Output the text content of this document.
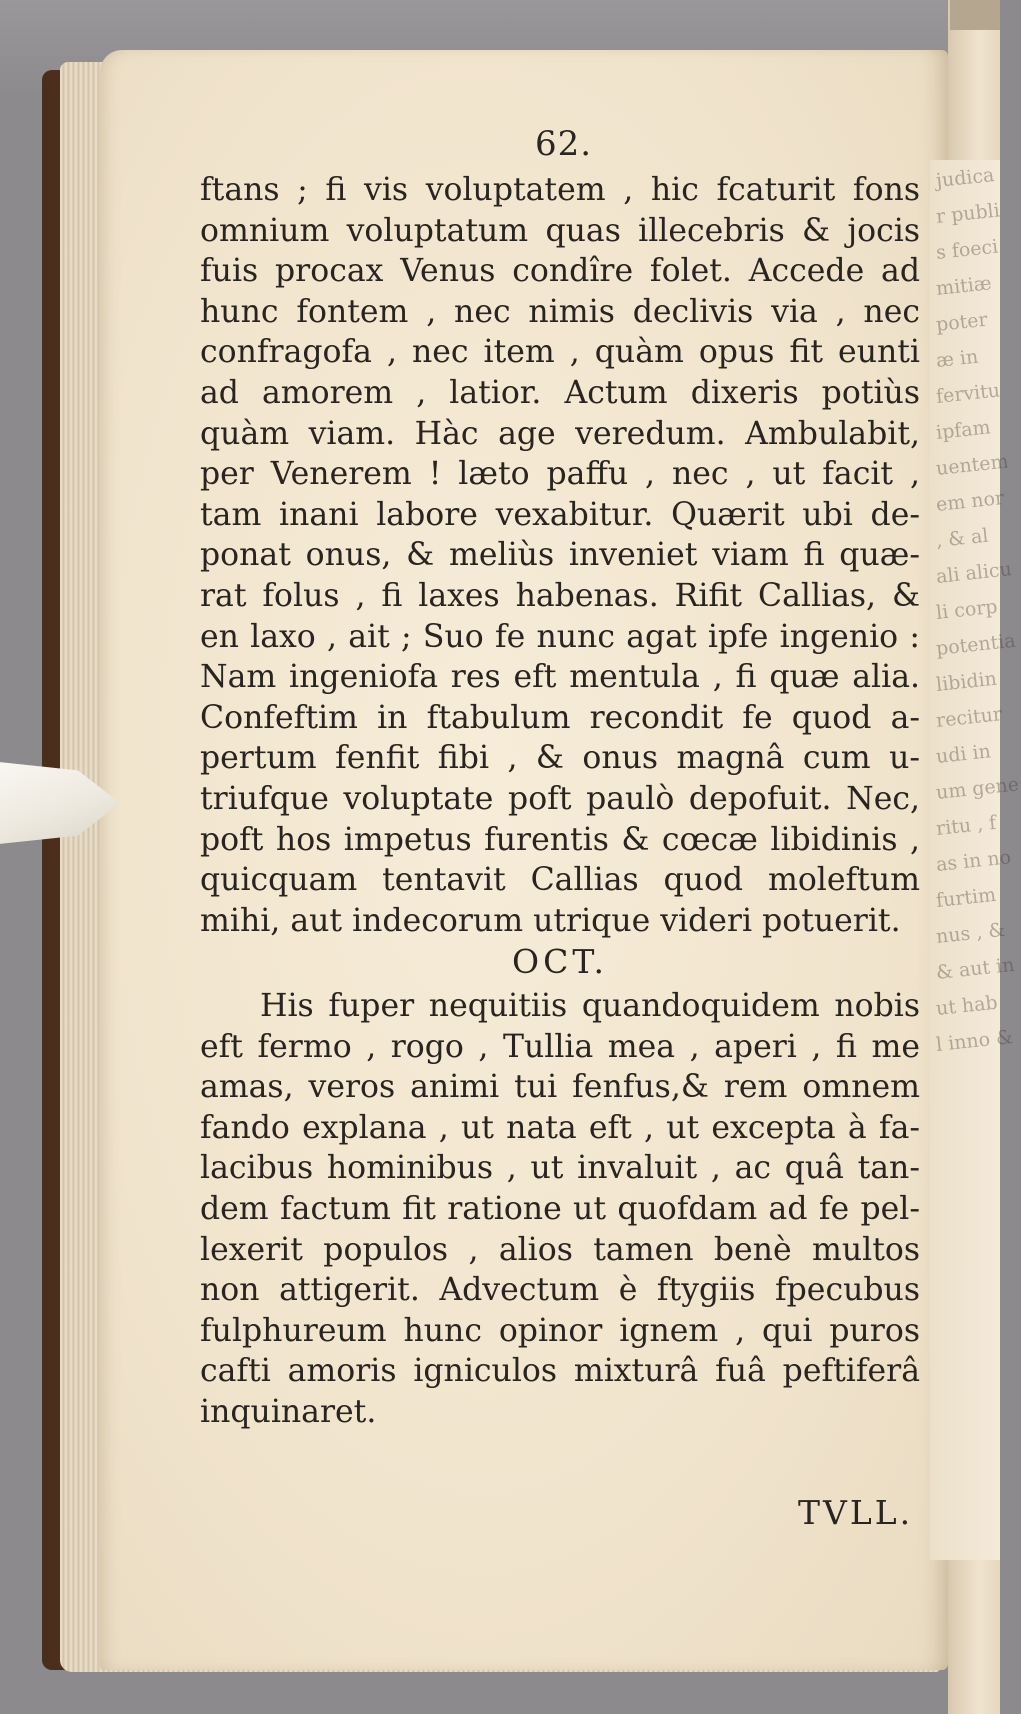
judica
r publi
s foeci
mitiæ
poter
æ in
fervitu
ipfam
uentem
em nor
, & al
ali alicu
li corp
potentia
libidin
recitur
udi in
um gene
ritu , f
as in no
furtim
nus , &
& aut in
ut hab
l inno &
62.
ftans ; fi vis voluptatem , hic fcaturit fons
omnium voluptatum quas illecebris & jocis
fuis procax Venus condîre folet. Accede ad
hunc fontem , nec nimis declivis via , nec
confragofa , nec item , quàm opus fit eunti
ad amorem , latior. Actum dixeris potiùs
quàm viam. Hàc age veredum. Ambulabit,
per Venerem ! læto paffu , nec , ut facit ,
tam inani labore vexabitur. Quærit ubi de-
ponat onus, & meliùs inveniet viam fi quæ-
rat folus , fi laxes habenas. Rifit Callias, &
en laxo , ait ; Suo fe nunc agat ipfe ingenio :
Nam ingeniofa res eft mentula , fi quæ alia.
Confeftim in ftabulum recondit fe quod a-
pertum fenfit fibi , & onus magnâ cum u-
triufque voluptate poft paulò depofuit. Nec,
poft hos impetus furentis & cœcæ libidinis ,
quicquam tentavit Callias quod moleftum
mihi, aut indecorum utrique videri potuerit.
OCT.
His fuper nequitiis quandoquidem nobis
eft fermo , rogo , Tullia mea , aperi , fi me
amas, veros animi tui fenfus,& rem omnem
fando explana , ut nata eft , ut excepta à fa-
lacibus hominibus , ut invaluit , ac quâ tan-
dem factum fit ratione ut quofdam ad fe pel-
lexerit populos , alios tamen benè multos
non attigerit. Advectum è ftygiis fpecubus
fulphureum hunc opinor ignem , qui puros
cafti amoris igniculos mixturâ fuâ peftiferâ
inquinaret.
TVLL.
